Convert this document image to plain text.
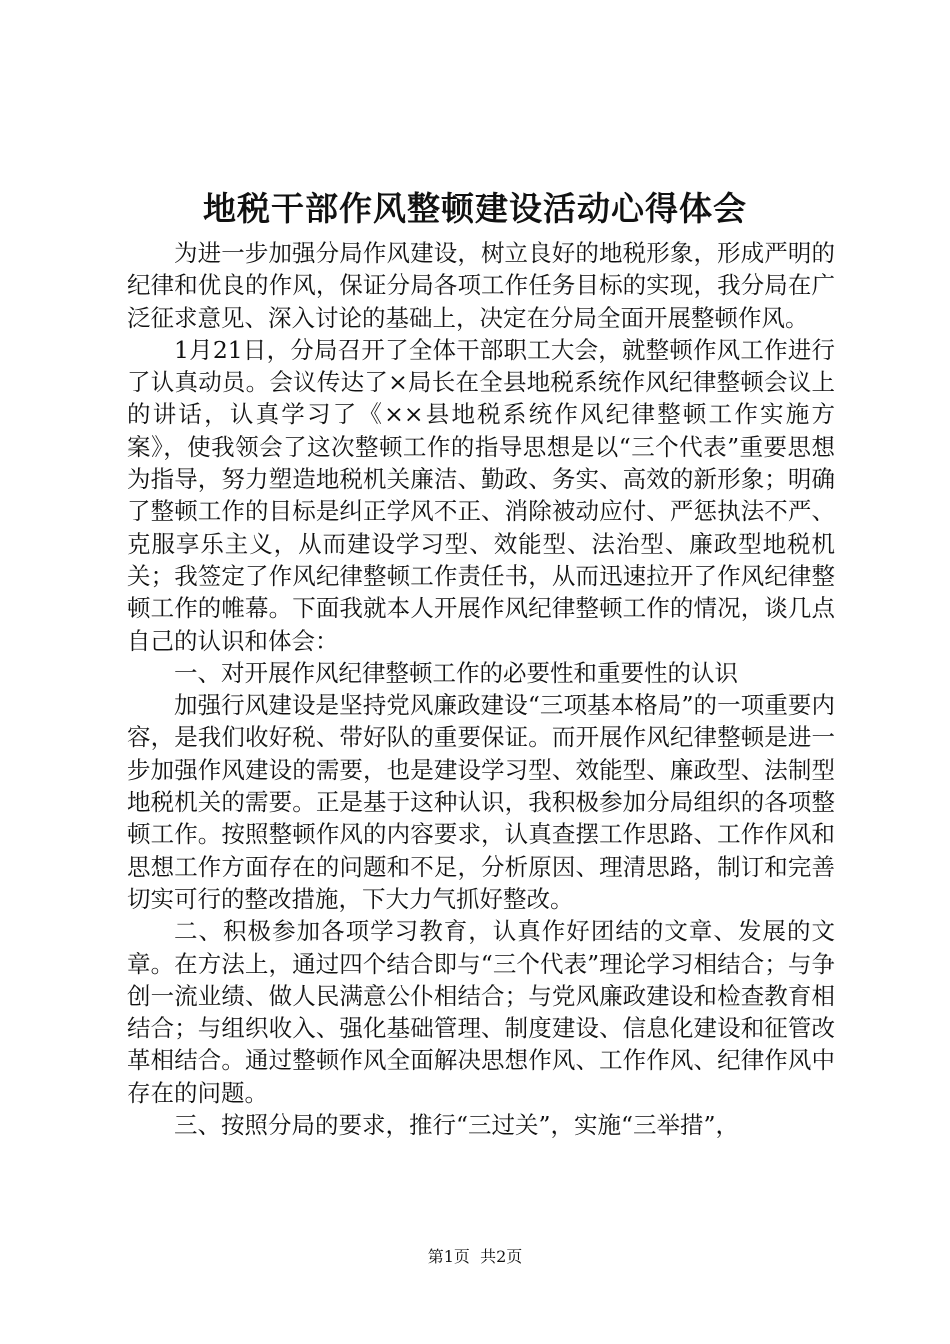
地税干部作风整顿建设活动心得体会

为进一步加强分局作风建设，树立良好的地税形象，形成严明的纪律和优良的作风，保证分局各项工作任务目标的实现，我分局在广泛征求意见、深入讨论的基础上，决定在分局全面开展整顿作风。

1月21日，分局召开了全体干部职工大会，就整顿作风工作进行了认真动员。会议传达了×局长在全县地税系统作风纪律整顿会议上的讲话，认真学习了《××县地税系统作风纪律整顿工作实施方案》，使我领会了这次整顿工作的指导思想是以“三个代表”重要思想为指导，努力塑造地税机关廉洁、勤政、务实、高效的新形象；明确了整顿工作的目标是纠正学风不正、消除被动应付、严惩执法不严、克服享乐主义，从而建设学习型、效能型、法治型、廉政型地税机关；我签定了作风纪律整顿工作责任书，从而迅速拉开了作风纪律整顿工作的帷幕。下面我就本人开展作风纪律整顿工作的情况，谈几点自己的认识和体会：

一、对开展作风纪律整顿工作的必要性和重要性的认识

加强行风建设是坚持党风廉政建设“三项基本格局”的一项重要内容，是我们收好税、带好队的重要保证。而开展作风纪律整顿是进一步加强作风建设的需要，也是建设学习型、效能型、廉政型、法制型地税机关的需要。正是基于这种认识，我积极参加分局组织的各项整顿工作。按照整顿作风的内容要求，认真查摆工作思路、工作作风和思想工作方面存在的问题和不足，分析原因、理清思路，制订和完善切实可行的整改措施，下大力气抓好整改。

二、积极参加各项学习教育，认真作好团结的文章、发展的文章。在方法上，通过四个结合即与“三个代表”理论学习相结合；与争创一流业绩、做人民满意公仆相结合；与党风廉政建设和检查教育相结合；与组织收入、强化基础管理、制度建设、信息化建设和征管改革相结合。通过整顿作风全面解决思想作风、工作作风、纪律作风中存在的问题。

三、按照分局的要求，推行“三过关”，实施“三举措”，

第1页 共2页
